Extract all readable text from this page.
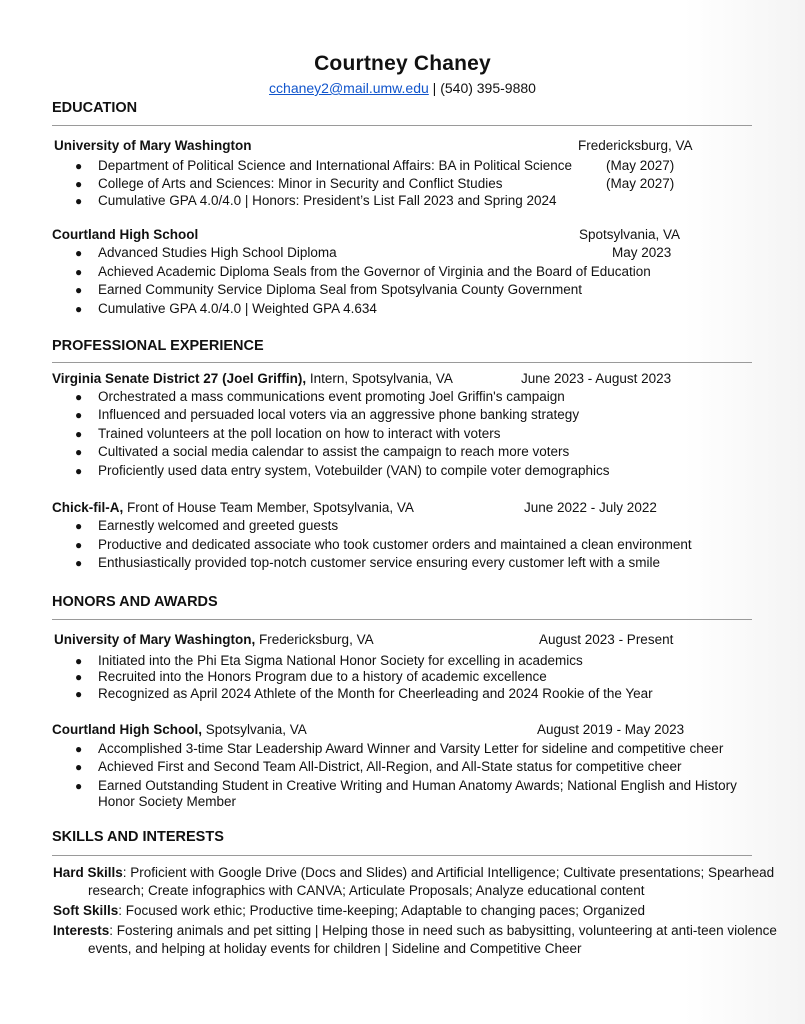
Courtney Chaney
cchaney2@mail.umw.edu | (540) 395-9880
EDUCATION
University of Mary Washington	Fredericksburg, VA
● Department of Political Science and International Affairs: BA in Political Science	(May 2027)
● College of Arts and Sciences: Minor in Security and Conflict Studies	(May 2027)
● Cumulative GPA 4.0/4.0 | Honors: President’s List Fall 2023 and Spring 2024
Courtland High School	Spotsylvania, VA
● Advanced Studies High School Diploma	May 2023
● Achieved Academic Diploma Seals from the Governor of Virginia and the Board of Education
● Earned Community Service Diploma Seal from Spotsylvania County Government
● Cumulative GPA 4.0/4.0 | Weighted GPA 4.634
PROFESSIONAL EXPERIENCE
Virginia Senate District 27 (Joel Griffin), Intern, Spotsylvania, VA	June 2023 - August 2023
● Orchestrated a mass communications event promoting Joel Griffin's campaign
● Influenced and persuaded local voters via an aggressive phone banking strategy
● Trained volunteers at the poll location on how to interact with voters
● Cultivated a social media calendar to assist the campaign to reach more voters
● Proficiently used data entry system, Votebuilder (VAN) to compile voter demographics
Chick-fil-A, Front of House Team Member, Spotsylvania, VA	June 2022 - July 2022
● Earnestly welcomed and greeted guests
● Productive and dedicated associate who took customer orders and maintained a clean environment
● Enthusiastically provided top-notch customer service ensuring every customer left with a smile
HONORS AND AWARDS
University of Mary Washington, Fredericksburg, VA	August 2023 - Present
● Initiated into the Phi Eta Sigma National Honor Society for excelling in academics
● Recruited into the Honors Program due to a history of academic excellence
● Recognized as April 2024 Athlete of the Month for Cheerleading and 2024 Rookie of the Year
Courtland High School, Spotsylvania, VA	August 2019 - May 2023
● Accomplished 3-time Star Leadership Award Winner and Varsity Letter for sideline and competitive cheer
● Achieved First and Second Team All-District, All-Region, and All-State status for competitive cheer
● Earned Outstanding Student in Creative Writing and Human Anatomy Awards; National English and History
Honor Society Member
SKILLS AND INTERESTS
Hard Skills: Proficient with Google Drive (Docs and Slides) and Artificial Intelligence; Cultivate presentations; Spearhead research; Create infographics with CANVA; Articulate Proposals; Analyze educational content
Soft Skills: Focused work ethic; Productive time-keeping; Adaptable to changing paces; Organized
Interests: Fostering animals and pet sitting | Helping those in need such as babysitting, volunteering at anti-teen violence events, and helping at holiday events for children | Sideline and Competitive Cheer
